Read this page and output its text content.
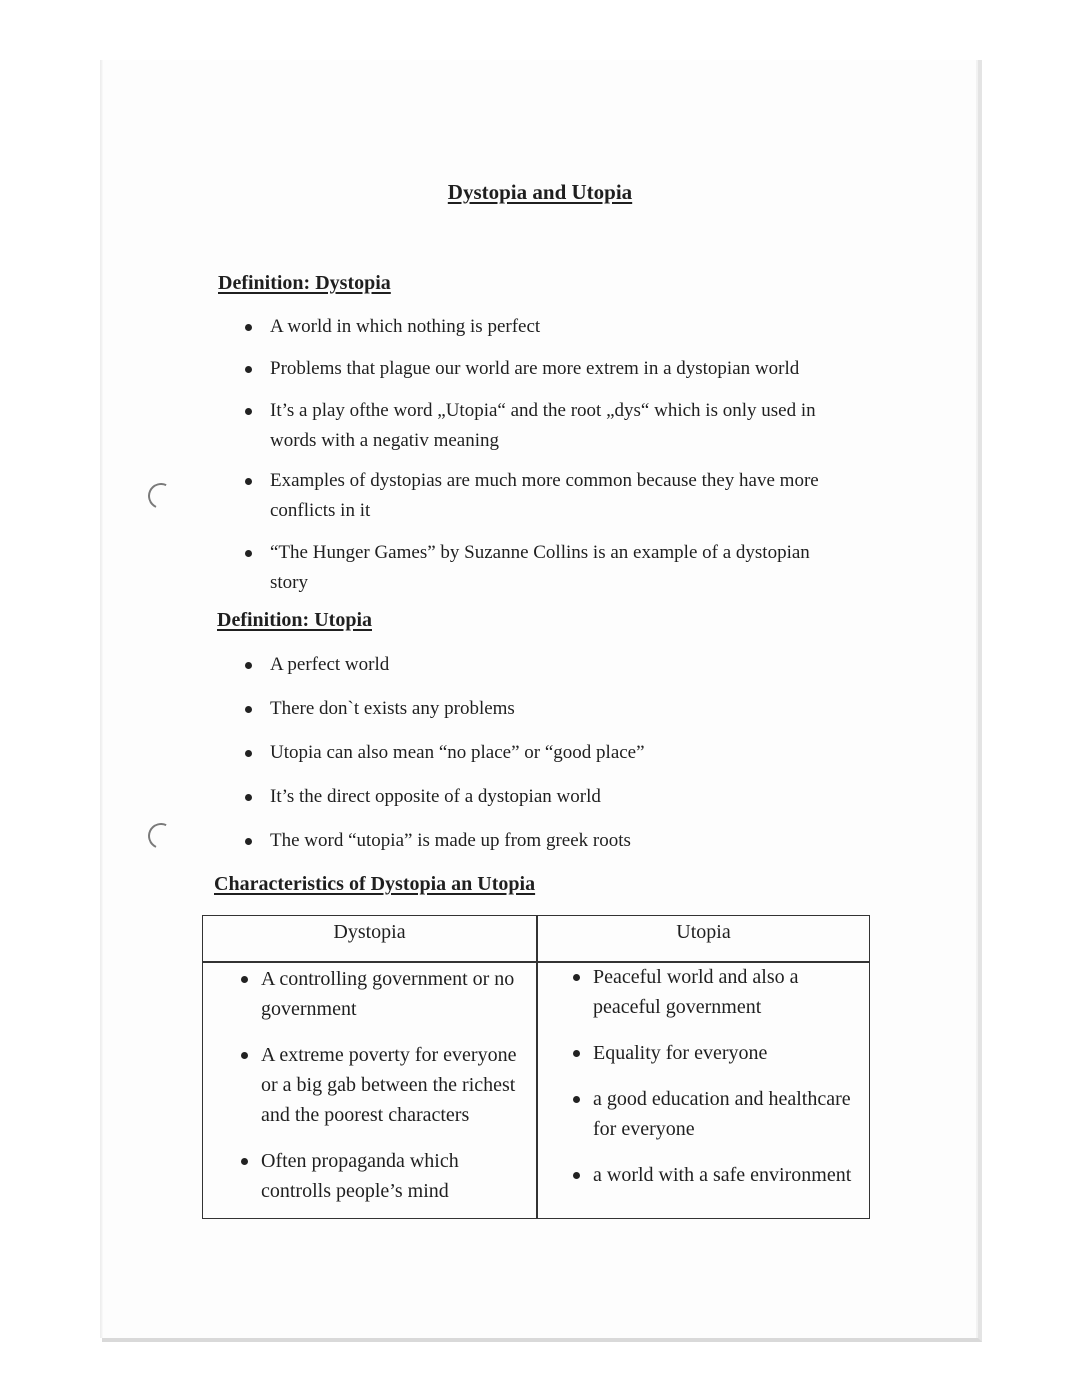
Dystopia and Utopia
Definition: Dystopia
A world in which nothing is perfect
Problems that plague our world are more extrem in a dystopian world
It’s a play ofthe word „Utopia“ and the root „dys“ which is only used in words with a negativ meaning
Examples of dystopias are much more common because they have more conflicts in it
“The Hunger Games” by Suzanne Collins is an example of a dystopian story
Definition: Utopia
A perfect world
There don`t exists any problems
Utopia can also mean “no place” or “good place”
It’s the direct opposite of a dystopian world
The word “utopia” is made up from greek roots
Characteristics of Dystopia an Utopia
Dystopia	Utopia
A controlling government or no government
A extreme poverty for everyone or a big gab between the richest and the poorest characters
Often propaganda which controlls people’s mind
Peaceful world and also a peaceful government
Equality for everyone
a good education and healthcare for everyone
a world with a safe environment
